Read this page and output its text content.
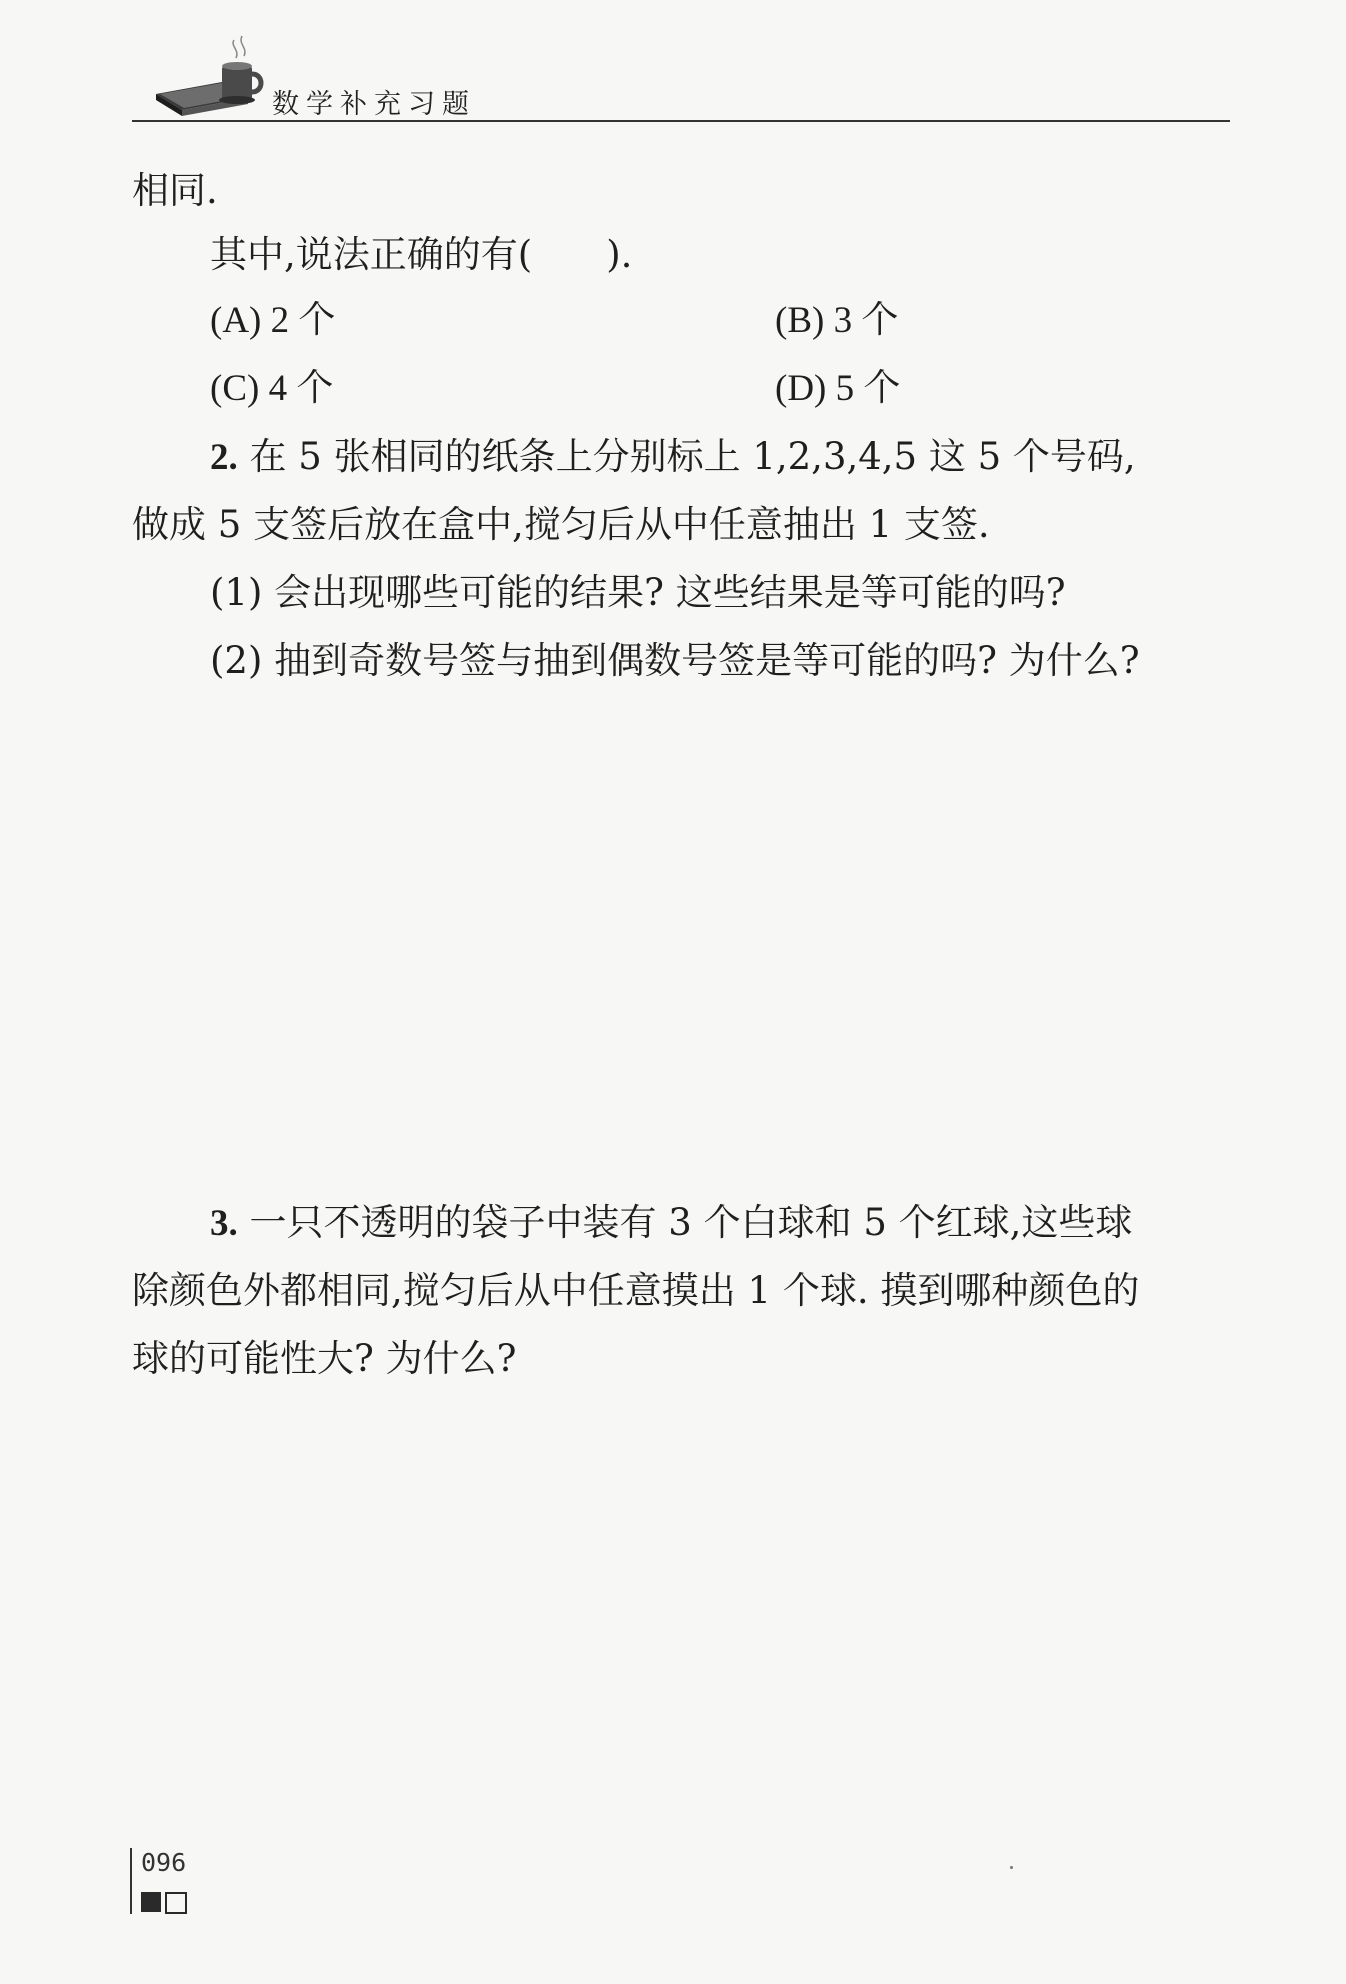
数学补充习题
相同.
其中,说法正确的有(　　).
(A) 2 个	(B) 3 个
(C) 4 个	(D) 5 个
2. 在 5 张相同的纸条上分别标上 1,2,3,4,5 这 5 个号码,
做成 5 支签后放在盒中,搅匀后从中任意抽出 1 支签.
(1) 会出现哪些可能的结果? 这些结果是等可能的吗?
(2) 抽到奇数号签与抽到偶数号签是等可能的吗? 为什么?
3. 一只不透明的袋子中装有 3 个白球和 5 个红球,这些球
除颜色外都相同,搅匀后从中任意摸出 1 个球. 摸到哪种颜色的
球的可能性大? 为什么?
096
